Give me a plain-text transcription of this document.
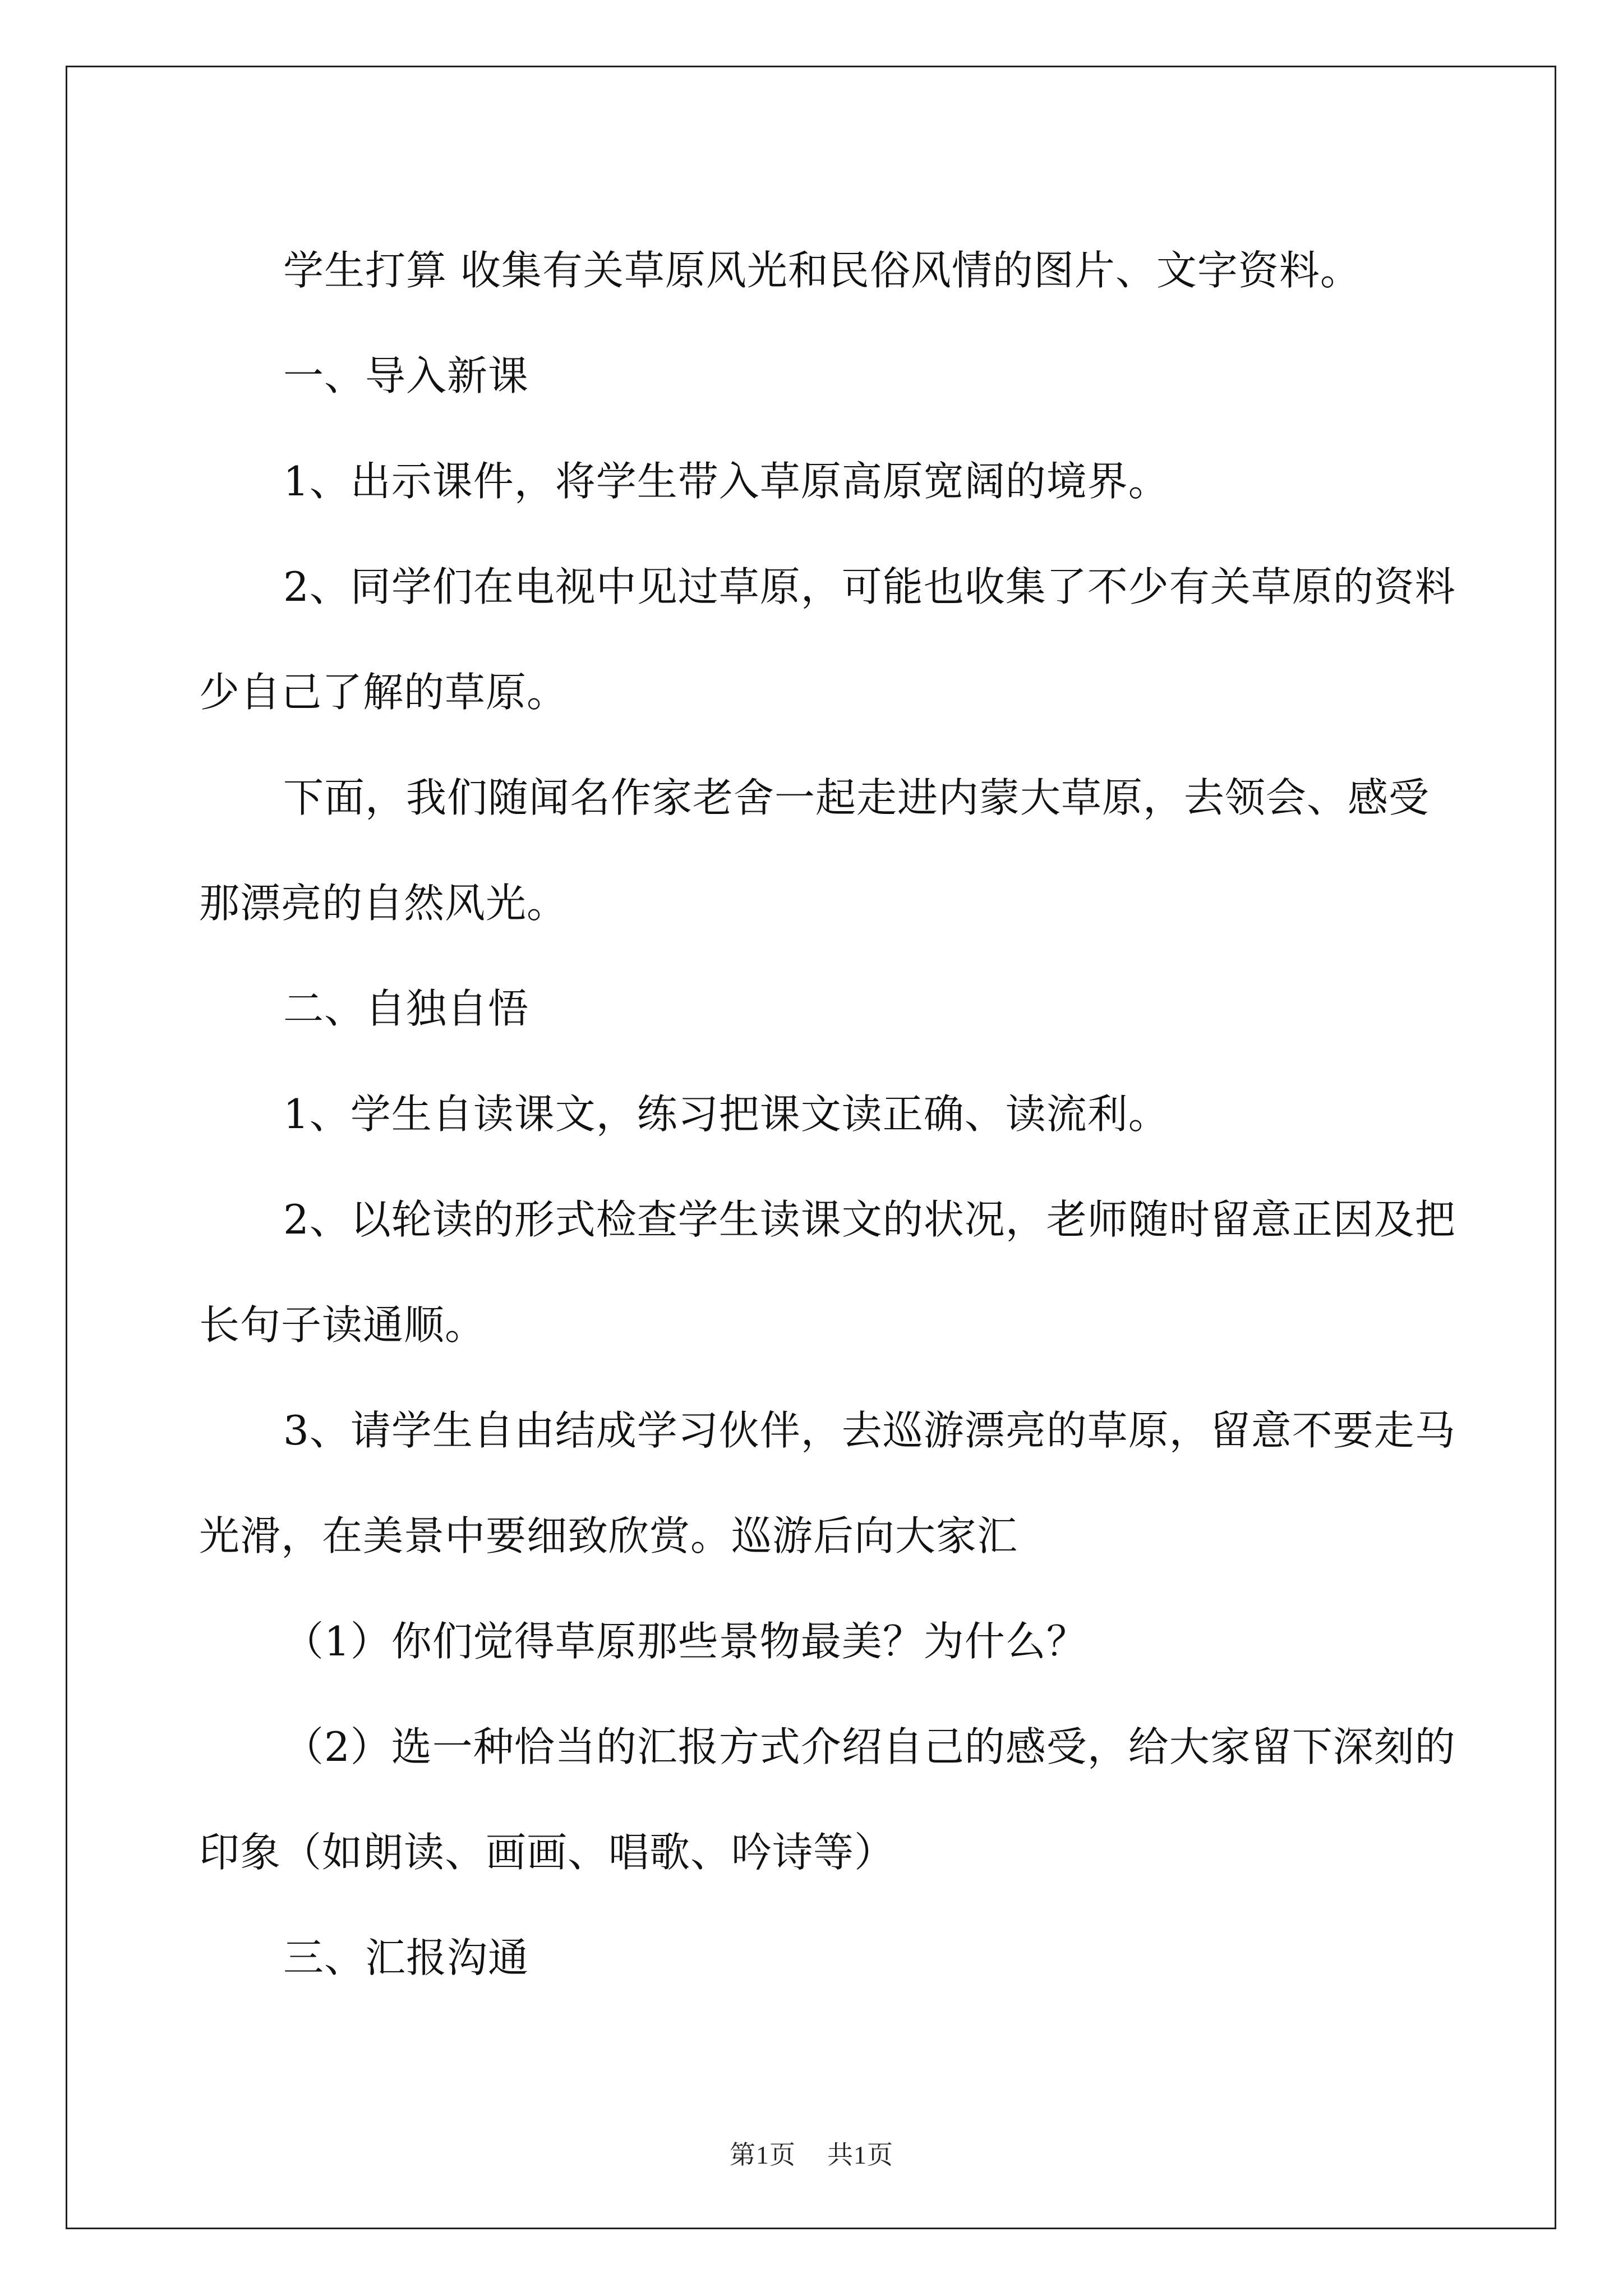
学生打算 收集有关草原风光和民俗风情的图片、文字资料。

一、导入新课

1、出示课件，将学生带入草原高原宽阔的境界。

2、同学们在电视中见过草原，可能也收集了不少有关草原的资料

少自己了解的草原。

下面，我们随闻名作家老舍一起走进内蒙大草原，去领会、感受

那漂亮的自然风光。

二、自独自悟

1、学生自读课文，练习把课文读正确、读流利。

2、以轮读的形式检查学生读课文的状况，老师随时留意正因及把

长句子读通顺。

3、请学生自由结成学习伙伴，去巡游漂亮的草原，留意不要走马

光滑，在美景中要细致欣赏。巡游后向大家汇

（1）你们觉得草原那些景物最美？为什么？

（2）选一种恰当的汇报方式介绍自己的感受，给大家留下深刻的

印象（如朗读、画画、唱歌、吟诗等）

三、汇报沟通

第1页 共1页
